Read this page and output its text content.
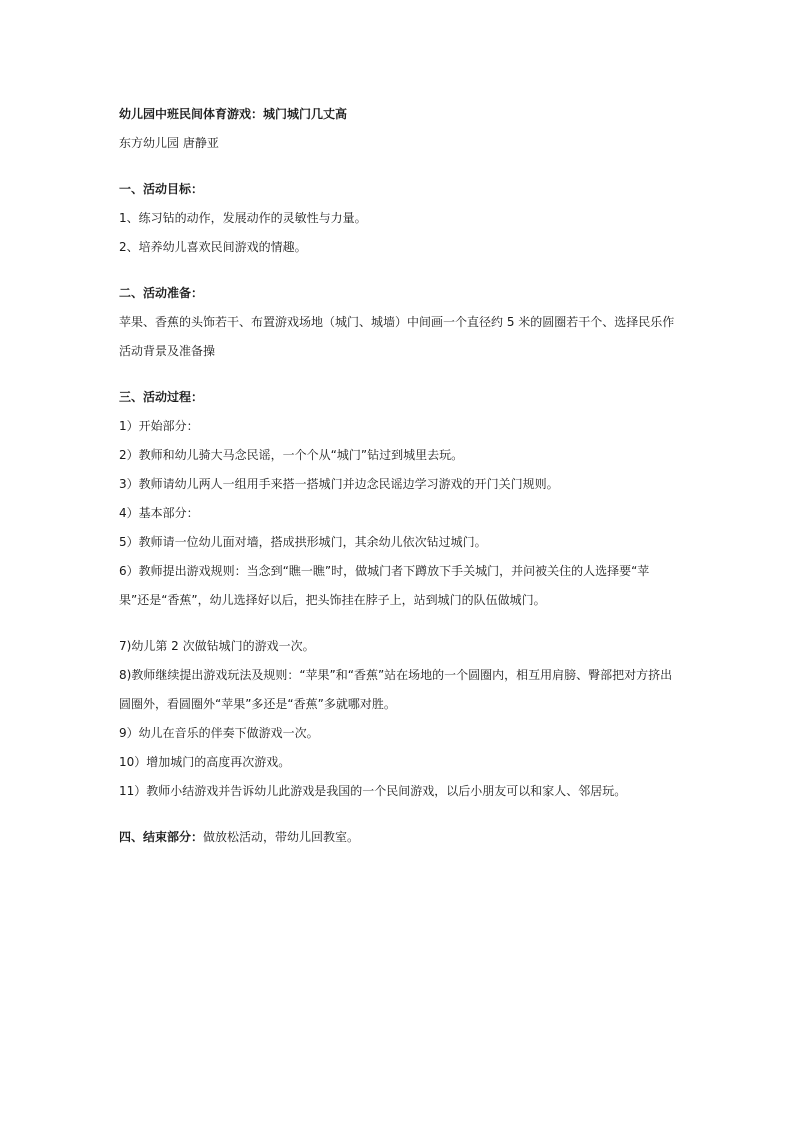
幼儿园中班民间体育游戏：城门城门几丈高
东方幼儿园 唐静亚
一、活动目标：
1、练习钻的动作，发展动作的灵敏性与力量。
2、培养幼儿喜欢民间游戏的情趣。
二、活动准备：
苹果、香蕉的头饰若干、布置游戏场地（城门、城墙）中间画一个直径约 5 米的圆圈若干个、选择民乐作活动背景及准备操
三、活动过程：
1）开始部分：
2）教师和幼儿骑大马念民谣，一个个从“城门”钻过到城里去玩。
3）教师请幼儿两人一组用手来搭一搭城门并边念民谣边学习游戏的开门关门规则。
4）基本部分：
5）教师请一位幼儿面对墙，搭成拱形城门，其余幼儿依次钻过城门。
6）教师提出游戏规则：当念到“瞧一瞧”时，做城门者下蹲放下手关城门，并问被关住的人选择要“苹果”还是“香蕉”，幼儿选择好以后，把头饰挂在脖子上，站到城门的队伍做城门。
7)幼儿第 2 次做钻城门的游戏一次。
8)教师继续提出游戏玩法及规则：“苹果”和“香蕉”站在场地的一个圆圈内，相互用肩膀、臀部把对方挤出圆圈外，看圆圈外“苹果”多还是“香蕉”多就哪对胜。
9）幼儿在音乐的伴奏下做游戏一次。
10）增加城门的高度再次游戏。
11）教师小结游戏并告诉幼儿此游戏是我国的一个民间游戏，以后小朋友可以和家人、邻居玩。
四、结束部分：做放松活动，带幼儿回教室。
